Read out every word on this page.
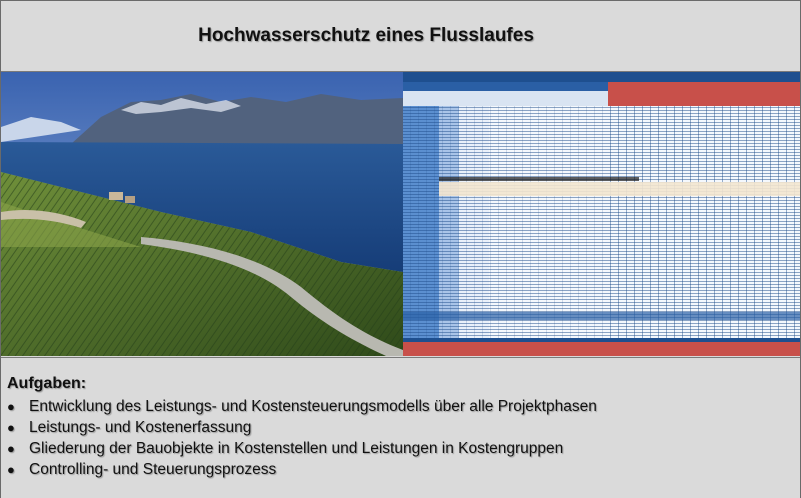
Hochwasserschutz eines Flusslaufes
Aufgaben:
● Entwicklung des Leistungs- und Kostensteuerungsmodells über alle Projektphasen
● Leistungs- und Kostenerfassung
● Gliederung der Bauobjekte in Kostenstellen und Leistungen in Kostengruppen
● Controlling- und Steuerungsprozess
